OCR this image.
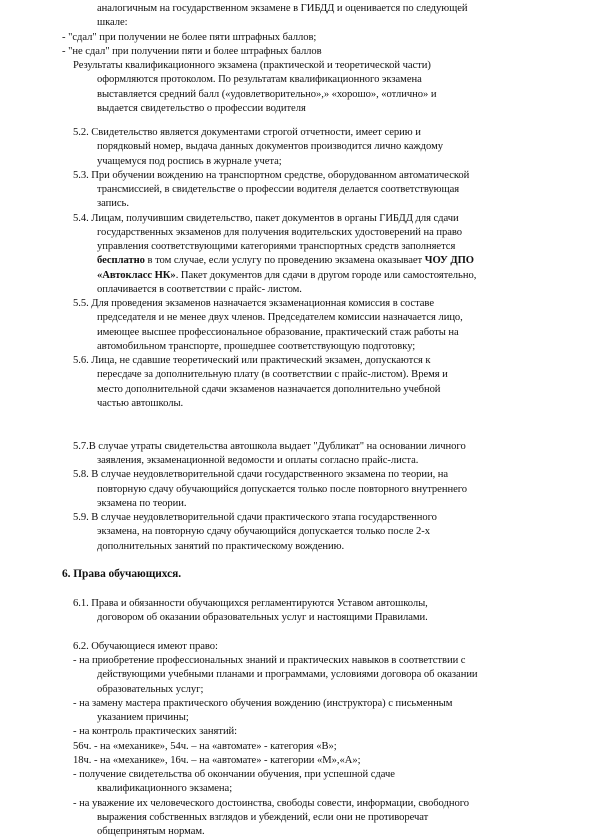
аналогичным на государственном экзамене в ГИБДД и оценивается по следующей
шкале:
- "сдал" при получении не более пяти штрафных баллов;
- "не сдал" при получении пяти и более штрафных баллов
Результаты квалификационного экзамена (практической и теоретической части)
оформляются протоколом. По результатам квалификационного экзамена
выставляется средний балл («удовлетворительно»,» «хорошо», «отлично» и
выдается свидетельство о профессии водителя
5.2. Свидетельство является документами строгой отчетности, имеет серию и
порядковый номер, выдача данных документов производится лично каждому
учащемуся под роспись в журнале учета;
5.3. При обучении вождению на транспортном средстве, оборудованном автоматической
трансмиссией, в свидетельстве о профессии водителя делается соответствующая
запись.
5.4. Лицам, получившим свидетельство, пакет документов в органы ГИБДД для сдачи
государственных экзаменов для получения водительских удостоверений на право
управления соответствующими категориями транспортных средств заполняется
бесплатно в том случае, если услугу по проведению экзамена оказывает ЧОУ ДПО
«Автокласс НК». Пакет документов для сдачи в другом городе или самостоятельно,
оплачивается в соответствии с прайс- листом.
5.5. Для проведения экзаменов назначается экзаменационная комиссия в составе
председателя и не менее двух членов. Председателем комиссии назначается лицо,
имеющее высшее профессиональное образование, практический стаж работы на
автомобильном транспорте, прошедшее соответствующую подготовку;
5.6. Лица, не сдавшие теоретический или практический экзамен, допускаются к
пересдаче за дополнительную плату (в соответствии с прайс-листом). Время и
место дополнительной сдачи экзаменов назначается дополнительно учебной
частью автошколы.
5.7.В случае утраты свидетельства автошкола выдает "Дубликат" на основании личного
заявления, экзаменационной ведомости и оплаты согласно прайс-листа.
5.8. В случае неудовлетворительной сдачи государственного экзамена по теории, на
повторную сдачу обучающийся допускается только после повторного внутреннего
экзамена по теории.
5.9. В случае неудовлетворительной сдачи практического этапа государственного
экзамена, на повторную сдачу обучающийся допускается только после 2-х
дополнительных занятий по практическому вождению.
6. Права обучающихся.
6.1. Права и обязанности обучающихся регламентируются Уставом автошколы,
договором об оказании образовательных услуг и настоящими Правилами.
6.2. Обучающиеся имеют право:
- на приобретение профессиональных знаний и практических навыков в соответствии с
действующими учебными планами и программами, условиями договора об оказании
образовательных услуг;
- на замену мастера практического обучения вождению (инструктора) с письменным
указанием причины;
- на контроль практических занятий:
56ч. - на «механике», 54ч. – на «автомате» - категория «В»;
18ч. - на «механике», 16ч. – на «автомате» - категории «М»,«А»;
- получение свидетельства об окончании обучения, при успешной сдаче
квалификационного экзамена;
- на уважение их человеческого достоинства, свободы совести, информации, свободного
выражения собственных взглядов и убеждений, если они не противоречат
общепринятым нормам.
